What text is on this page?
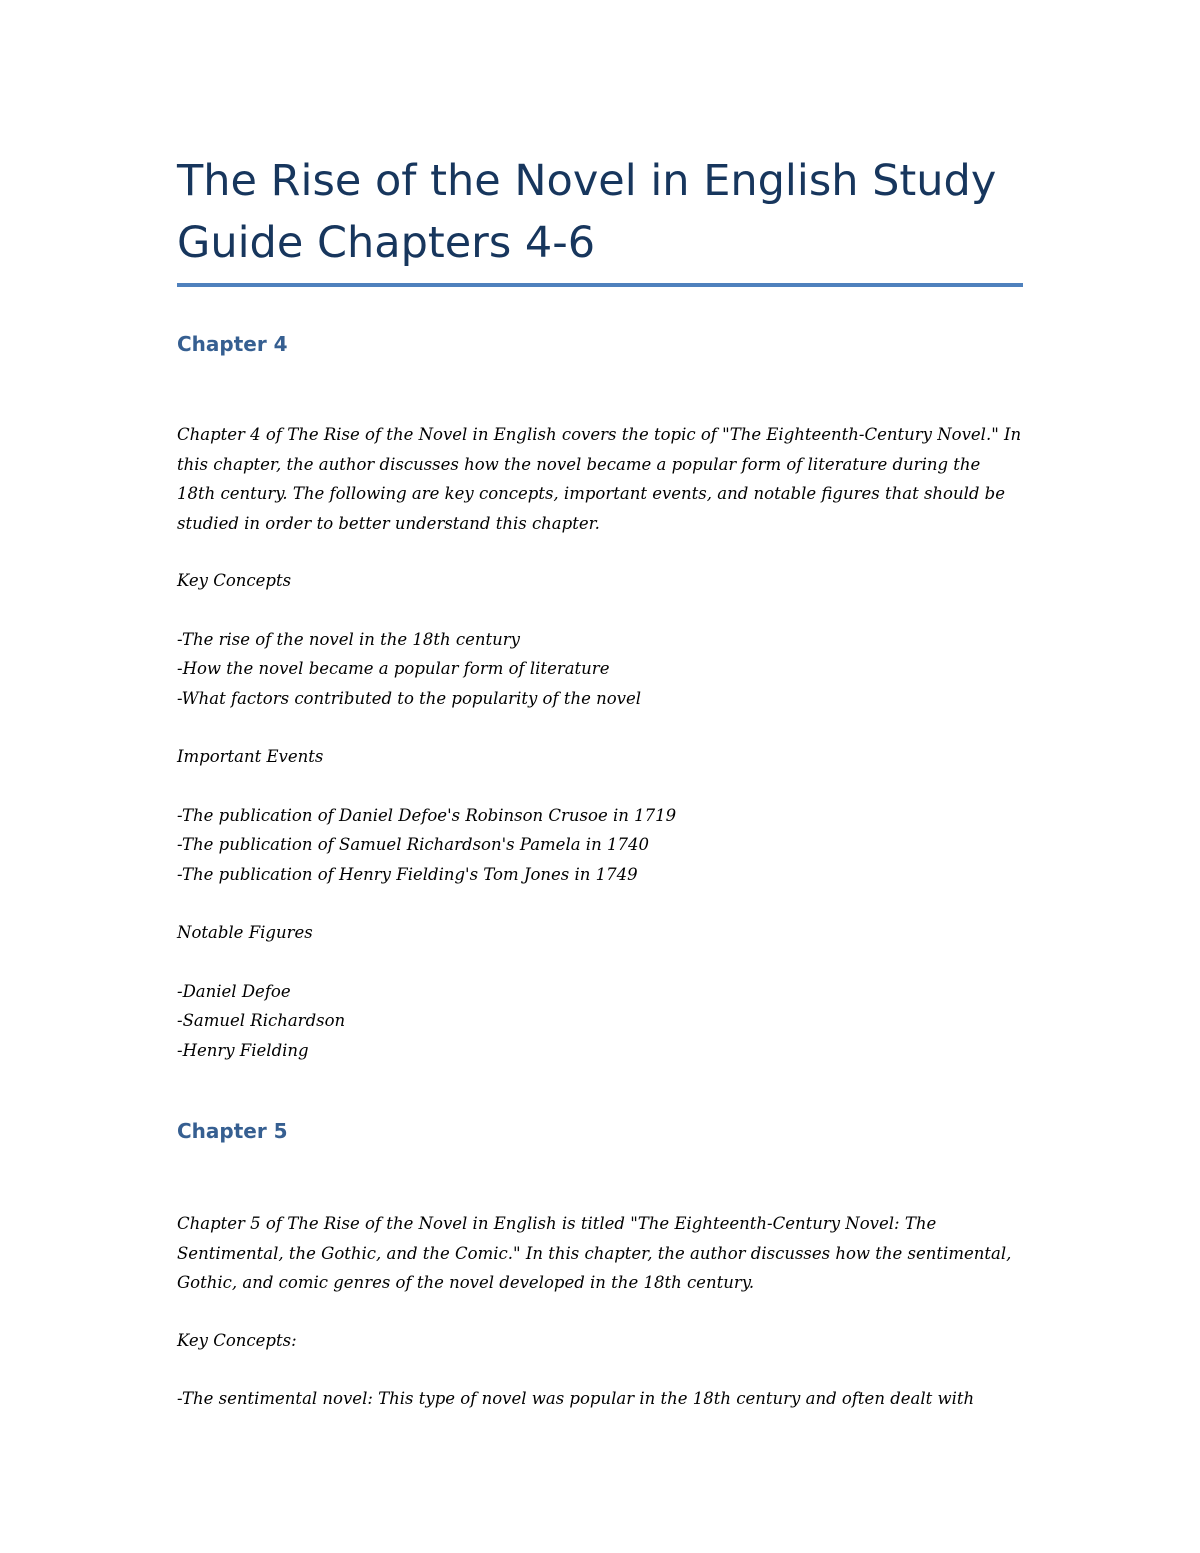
The Rise of the Novel in English Study Guide Chapters 4-6
Chapter 4

Chapter 4 of The Rise of the Novel in English covers the topic of "The Eighteenth-Century Novel." In this chapter, the author discusses how the novel became a popular form of literature during the 18th century. The following are key concepts, important events, and notable figures that should be studied in order to better understand this chapter.

Key Concepts

-The rise of the novel in the 18th century
-How the novel became a popular form of literature
-What factors contributed to the popularity of the novel

Important Events

-The publication of Daniel Defoe's Robinson Crusoe in 1719
-The publication of Samuel Richardson's Pamela in 1740
-The publication of Henry Fielding's Tom Jones in 1749

Notable Figures

-Daniel Defoe
-Samuel Richardson
-Henry Fielding
Chapter 5

Chapter 5 of The Rise of the Novel in English is titled "The Eighteenth-Century Novel: The Sentimental, the Gothic, and the Comic." In this chapter, the author discusses how the sentimental, Gothic, and comic genres of the novel developed in the 18th century.

Key Concepts:

-The sentimental novel: This type of novel was popular in the 18th century and often dealt with
